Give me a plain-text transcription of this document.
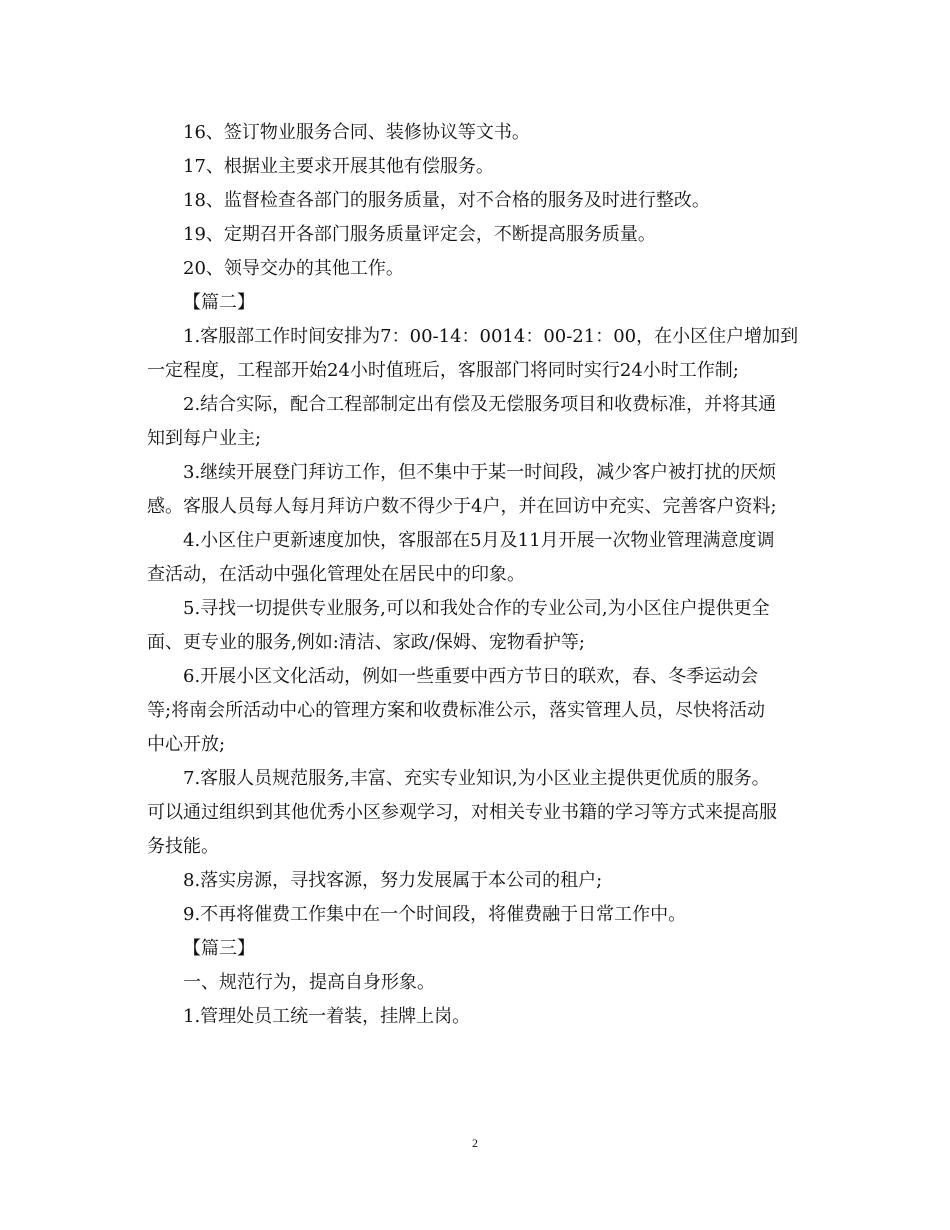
16、签订物业服务合同、装修协议等文书。

17、根据业主要求开展其他有偿服务。

18、监督检查各部门的服务质量，对不合格的服务及时进行整改。

19、定期召开各部门服务质量评定会，不断提高服务质量。

20、领导交办的其他工作。

【篇二】

1.客服部工作时间安排为7：00-14：0014：00-21：00，在小区住户增加到
一定程度，工程部开始24小时值班后，客服部门将同时实行24小时工作制;

2.结合实际，配合工程部制定出有偿及无偿服务项目和收费标准，并将其通
知到每户业主;

3.继续开展登门拜访工作，但不集中于某一时间段，减少客户被打扰的厌烦
感。客服人员每人每月拜访户数不得少于4户，并在回访中充实、完善客户资料;

4.小区住户更新速度加快，客服部在5月及11月开展一次物业管理满意度调
查活动，在活动中强化管理处在居民中的印象。

5.寻找一切提供专业服务,可以和我处合作的专业公司,为小区住户提供更全
面、更专业的服务,例如:清洁、家政/保姆、宠物看护等;

6.开展小区文化活动，例如一些重要中西方节日的联欢，春、冬季运动会
等;将南会所活动中心的管理方案和收费标准公示，落实管理人员，尽快将活动
中心开放;

7.客服人员规范服务,丰富、充实专业知识,为小区业主提供更优质的服务。
可以通过组织到其他优秀小区参观学习，对相关专业书籍的学习等方式来提高服
务技能。

8.落实房源，寻找客源，努力发展属于本公司的租户;

9.不再将催费工作集中在一个时间段，将催费融于日常工作中。

【篇三】

一、规范行为，提高自身形象。

1.管理处员工统一着装，挂牌上岗。

2
